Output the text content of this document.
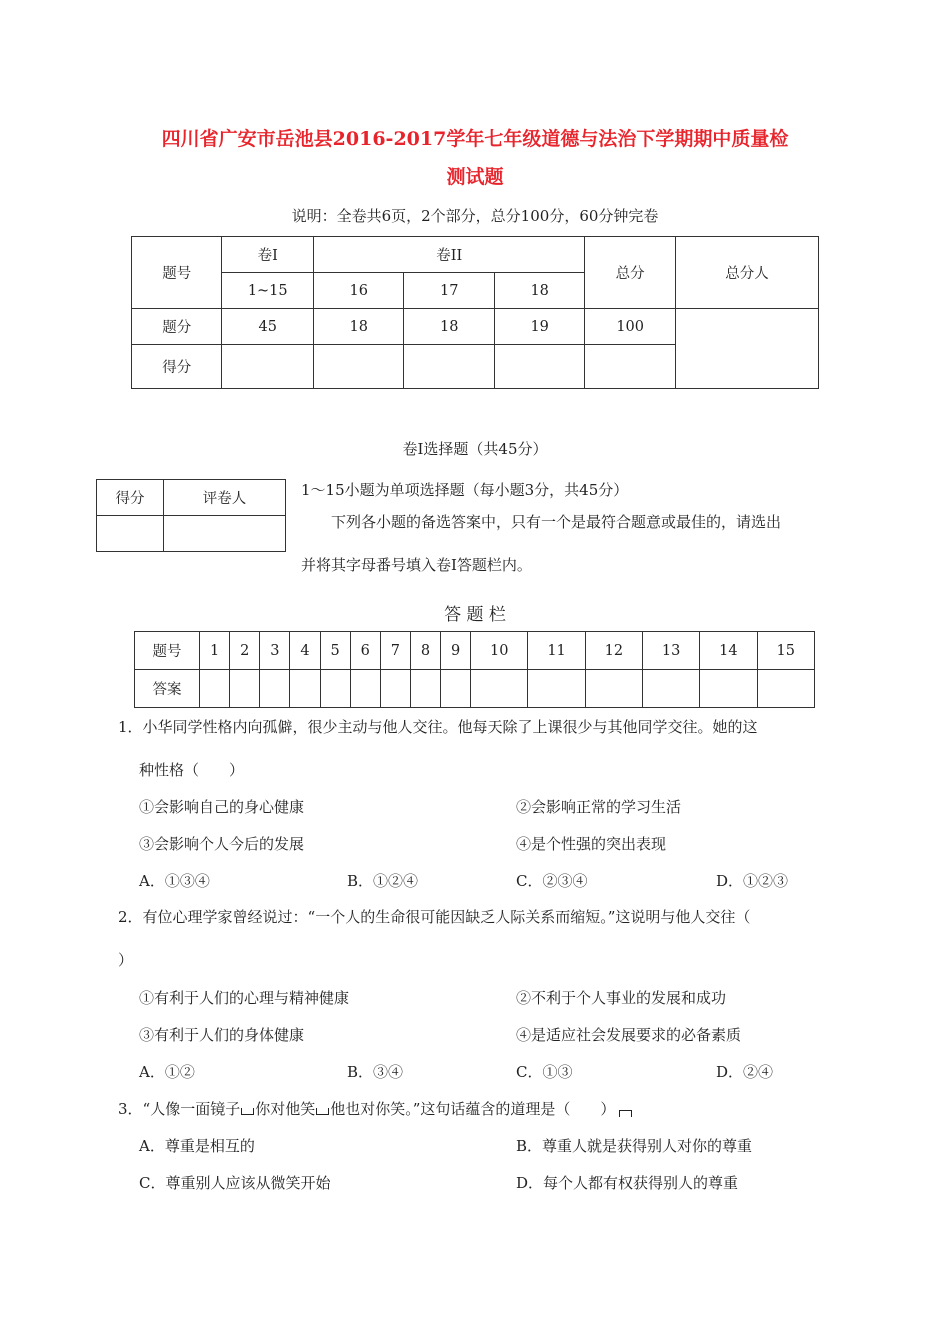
四川省广安市岳池县2016-2017学年七年级道德与法治下学期期中质量检
测试题
说明：全卷共6页，2个部分，总分100分，60分钟完卷
题号	卷I	卷II			总分	总分人
	1~15	16	17	18		
题分	45	18	18	19	100	
得分						
卷I选择题（共45分）
得分	评卷人
		1～15小题为单项选择题（每小题3分，共45分）
下列各小题的备选答案中，只有一个是最符合题意或最佳的，请选出
并将其字母番号填入卷I答题栏内。
答 题 栏
题号	1	2	3	4	5	6	7	8	9	10	11	12	13	14	15
答案															
1．小华同学性格内向孤僻，很少主动与他人交往。他每天除了上课很少与其他同学交往。她的这
种性格（　　）
①会影响自己的身心健康	②会影响正常的学习生活
③会影响个人今后的发展	④是个性强的突出表现
A．①③④	B．①②④	C．②③④	D．①②③
2．有位心理学家曾经说过：“一个人的生命很可能因缺乏人际关系而缩短。”这说明与他人交往（
）
①有利于人们的心理与精神健康	②不利于个人事业的发展和成功
③有利于人们的身体健康	④是适应社会发展要求的必备素质
A．①②	B．③④	C．①③	D．②④
3．“人像一面镜子 你对他笑 他也对你笑。”这句话蕴含的道理是（　　）
A．尊重是相互的	B．尊重人就是获得别人对你的尊重
C．尊重别人应该从微笑开始	D．每个人都有权获得别人的尊重
